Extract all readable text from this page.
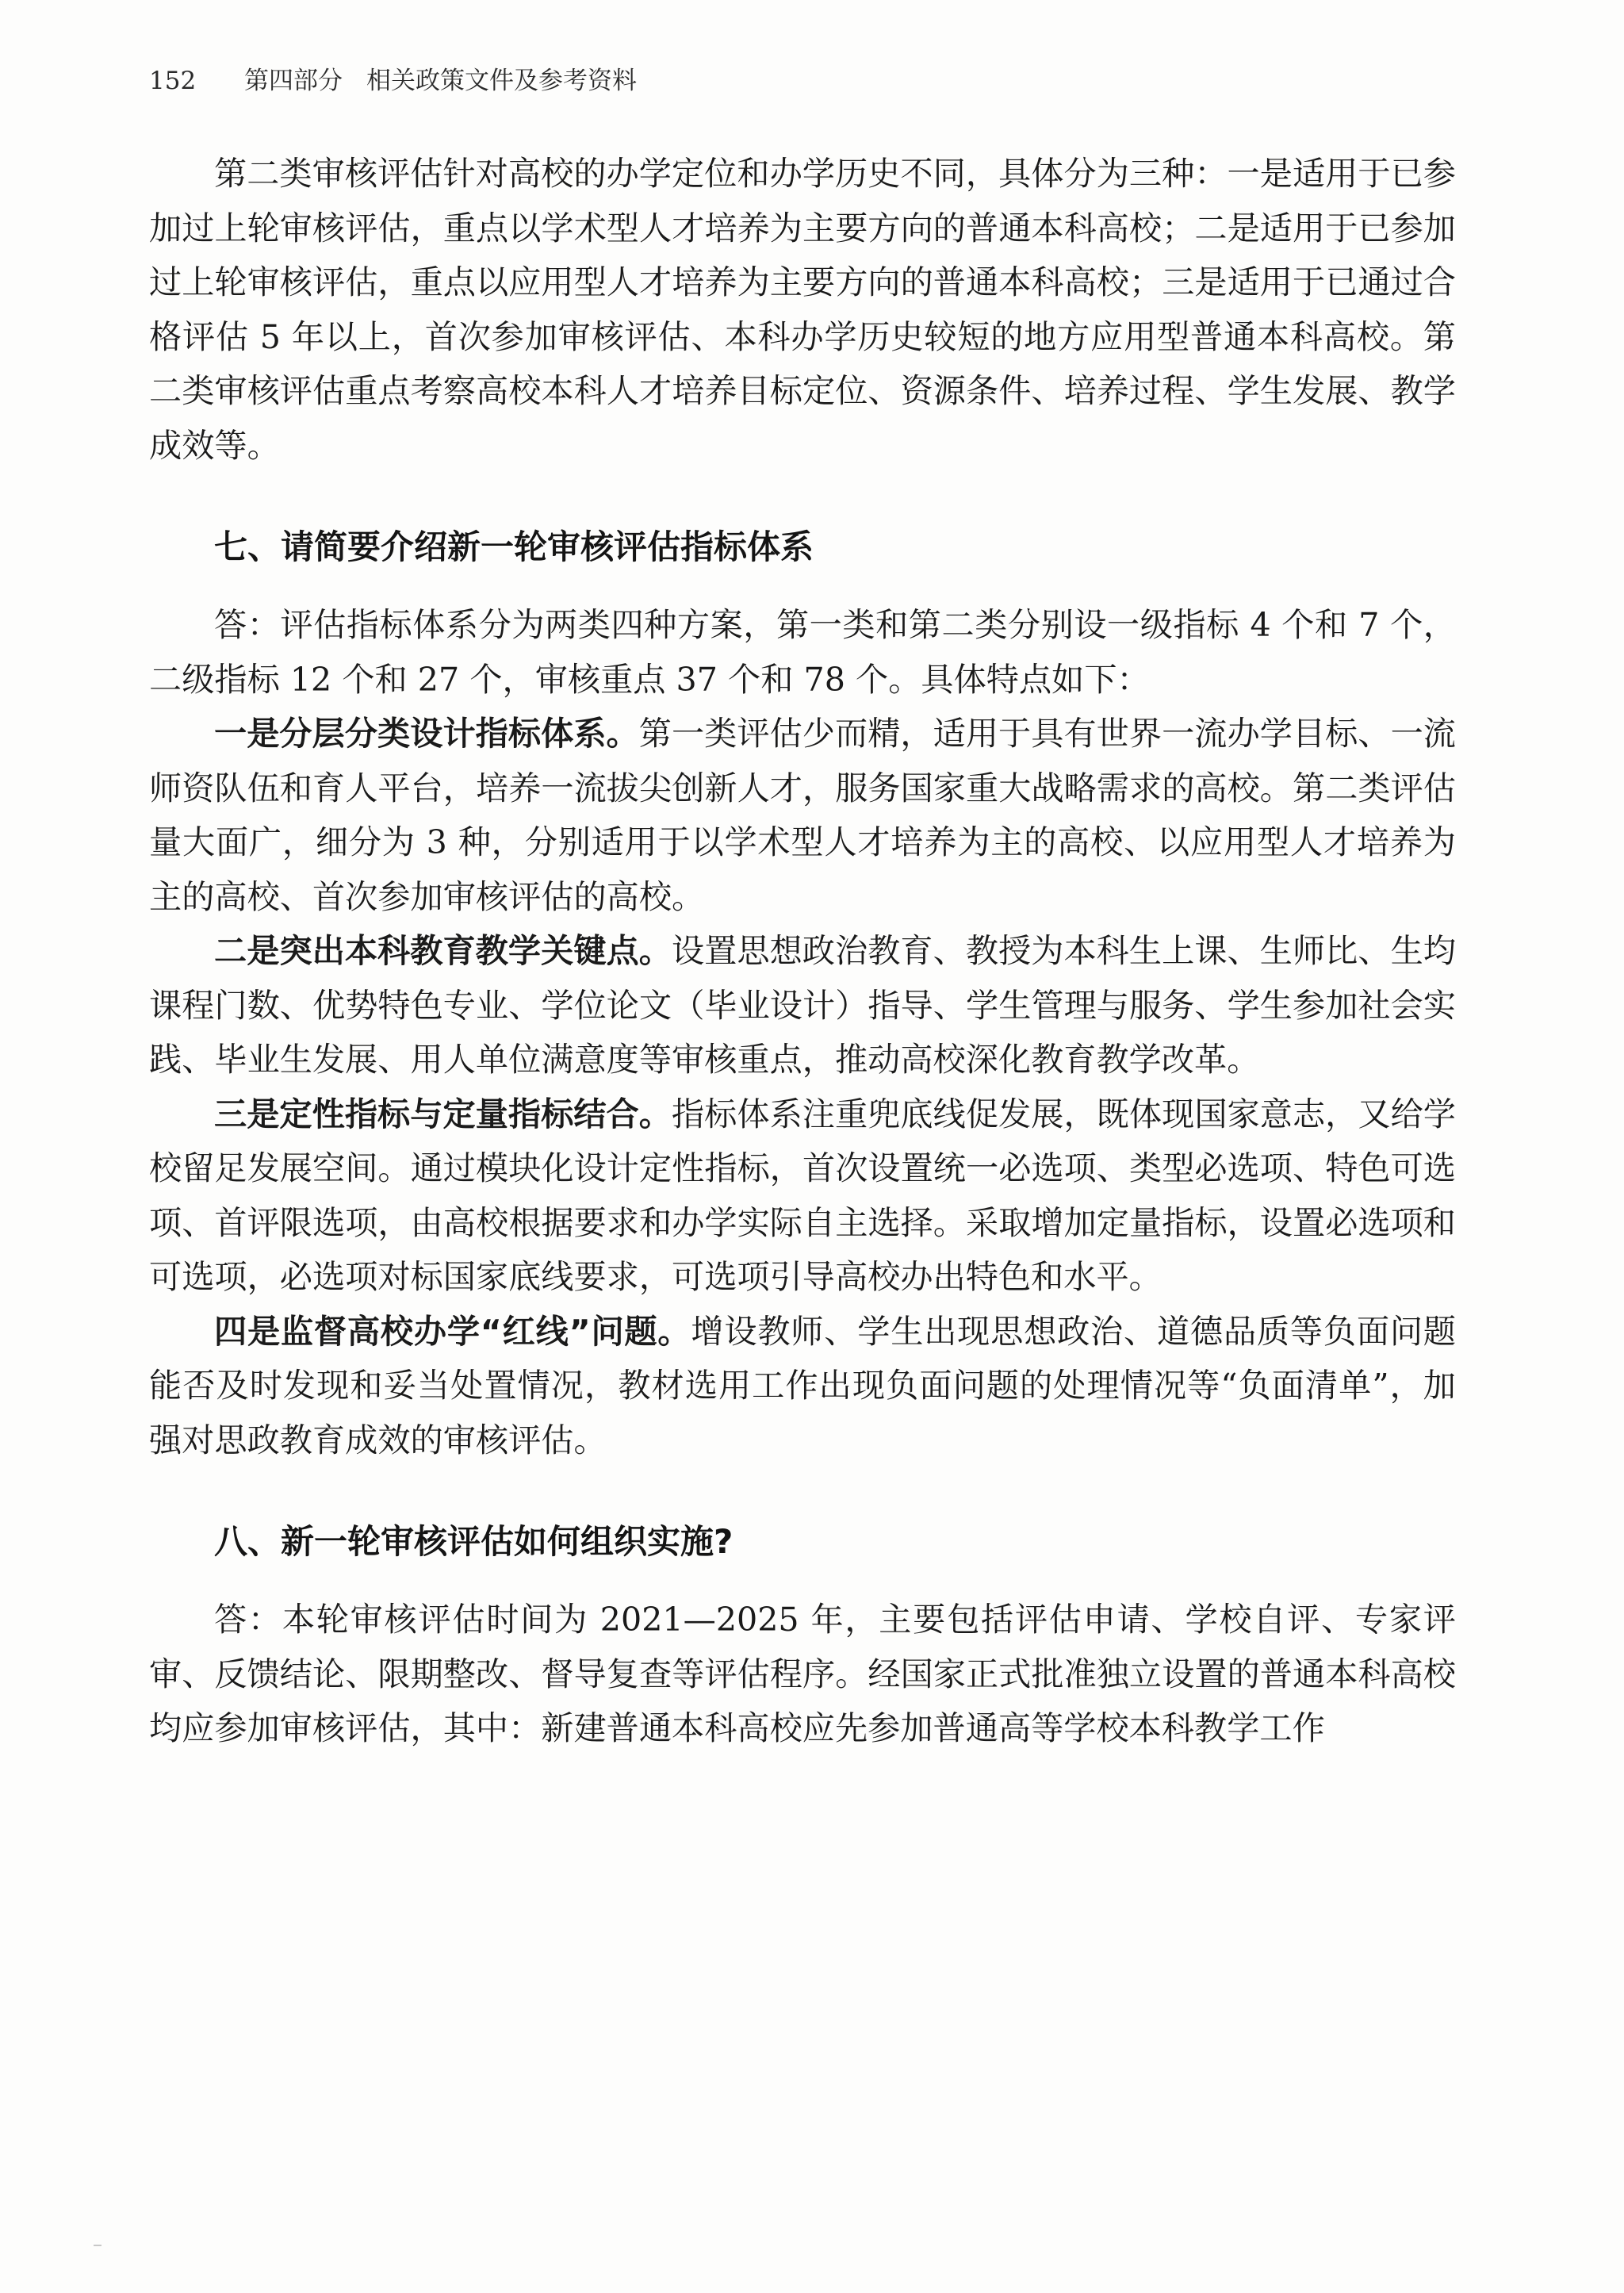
152 第四部分 相关政策文件及参考资料

第二类审核评估针对高校的办学定位和办学历史不同，具体分为三种：一是适用于已参加过上轮审核评估，重点以学术型人才培养为主要方向的普通本科高校；二是适用于已参加过上轮审核评估，重点以应用型人才培养为主要方向的普通本科高校；三是适用于已通过合格评估 5 年以上，首次参加审核评估、本科办学历史较短的地方应用型普通本科高校。第二类审核评估重点考察高校本科人才培养目标定位、资源条件、培养过程、学生发展、教学成效等。

七、请简要介绍新一轮审核评估指标体系

答：评估指标体系分为两类四种方案，第一类和第二类分别设一级指标 4 个和 7 个，二级指标 12 个和 27 个，审核重点 37 个和 78 个。具体特点如下：

一是分层分类设计指标体系。第一类评估少而精，适用于具有世界一流办学目标、一流师资队伍和育人平台，培养一流拔尖创新人才，服务国家重大战略需求的高校。第二类评估量大面广，细分为 3 种，分别适用于以学术型人才培养为主的高校、以应用型人才培养为主的高校、首次参加审核评估的高校。

二是突出本科教育教学关键点。设置思想政治教育、教授为本科生上课、生师比、生均课程门数、优势特色专业、学位论文（毕业设计）指导、学生管理与服务、学生参加社会实践、毕业生发展、用人单位满意度等审核重点，推动高校深化教育教学改革。

三是定性指标与定量指标结合。指标体系注重兜底线促发展，既体现国家意志，又给学校留足发展空间。通过模块化设计定性指标，首次设置统一必选项、类型必选项、特色可选项、首评限选项，由高校根据要求和办学实际自主选择。采取增加定量指标，设置必选项和可选项，必选项对标国家底线要求，可选项引导高校办出特色和水平。

四是监督高校办学“红线”问题。增设教师、学生出现思想政治、道德品质等负面问题能否及时发现和妥当处置情况，教材选用工作出现负面问题的处理情况等“负面清单”，加强对思政教育成效的审核评估。

八、新一轮审核评估如何组织实施?

答：本轮审核评估时间为 2021—2025 年，主要包括评估申请、学校自评、专家评审、反馈结论、限期整改、督导复查等评估程序。经国家正式批准独立设置的普通本科高校均应参加审核评估，其中：新建普通本科高校应先参加普通高等学校本科教学工作
